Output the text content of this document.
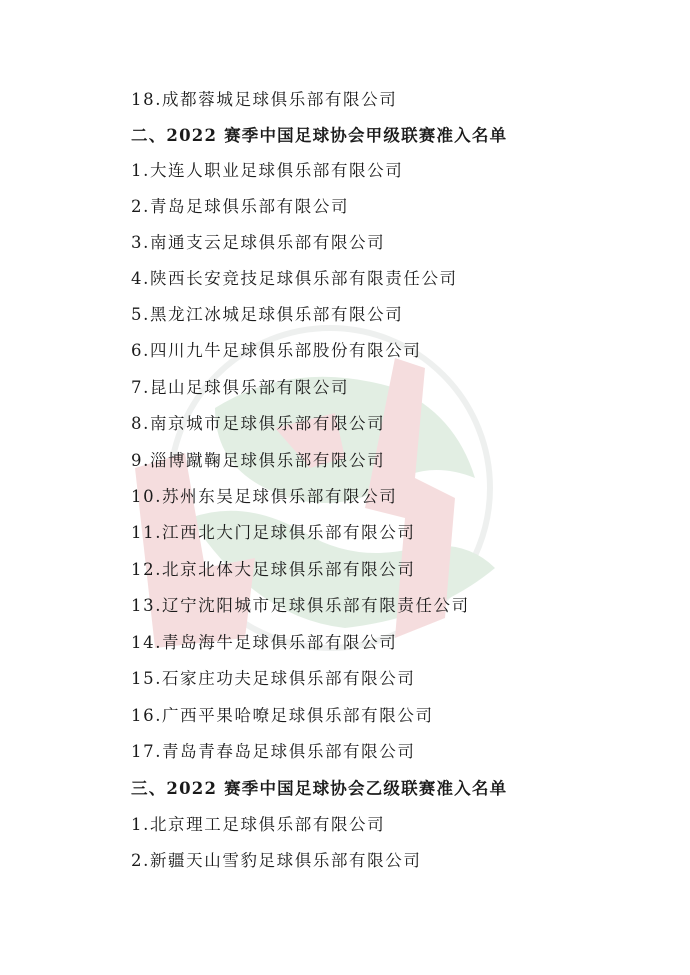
18.成都蓉城足球俱乐部有限公司
二、2022 赛季中国足球协会甲级联赛准入名单
1.大连人职业足球俱乐部有限公司
2.青岛足球俱乐部有限公司
3.南通支云足球俱乐部有限公司
4.陕西长安竞技足球俱乐部有限责任公司
5.黑龙江冰城足球俱乐部有限公司
6.四川九牛足球俱乐部股份有限公司
7.昆山足球俱乐部有限公司
8.南京城市足球俱乐部有限公司
9.淄博蹴鞠足球俱乐部有限公司
10.苏州东吴足球俱乐部有限公司
11.江西北大门足球俱乐部有限公司
12.北京北体大足球俱乐部有限公司
13.辽宁沈阳城市足球俱乐部有限责任公司
14.青岛海牛足球俱乐部有限公司
15.石家庄功夫足球俱乐部有限公司
16.广西平果哈嘹足球俱乐部有限公司
17.青岛青春岛足球俱乐部有限公司
三、2022 赛季中国足球协会乙级联赛准入名单
1.北京理工足球俱乐部有限公司
2.新疆天山雪豹足球俱乐部有限公司
